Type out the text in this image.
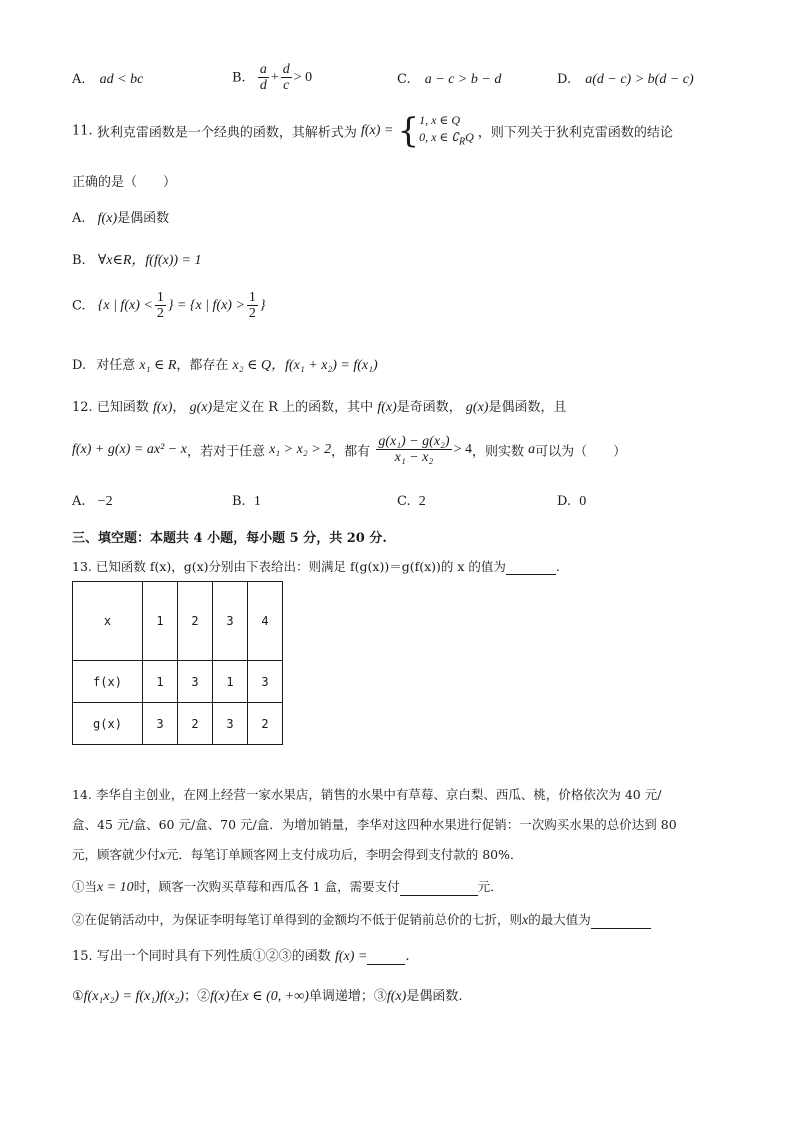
A. ad < bc	B. $\frac{a}{d} + \frac{d}{c} > 0$	C. a − c > b − d	D. a(d − c) > b(d − c)
11. 狄利克雷函数是一个经典的函数，其解析式为 f(x) = { 1, x ∈ Q
0, x ∈ $∁_RQ$ ，则下列关于狄利克雷函数的结论
正确的是（　　）
A. f(x)是偶函数
B. ∀x∈R，f(f(x)) = 1
C. {x | $f(x) < \frac{1}{2}$ } = {x | $f(x) > \frac{1}{2}$ }
D. 对任意 x₁ ∈ R，都存在 x₂ ∈ Q，f(x₁ + x₂) = f(x₁)
12. 已知函数 f(x)， g(x)是定义在 R 上的函数，其中 f(x)是奇函数， g(x)是偶函数，且
f(x) + g(x) = ax² − x，若对于任意 x₁ > x₂ > 2，都有 $\frac{\text{g(x₁) − g(x₂)}}{\text{x₁ − x₂}} > 4$，则实数 a可以为（　　）
A. −2	B. 1	C. 2	D. 0
三、填空题：本题共 4 小题，每小题 5 分，共 20 分.
13. 已知函数 f(x)，g(x)分别由下表给出：则满足 f(g(x))＝g(f(x))的 x 的值为	.
x	1	2	3	4
f(x)	1	3	1	3
g(x)	3	2	3	2
14. 李华自主创业，在网上经营一家水果店，销售的水果中有草莓、京白梨、西瓜、桃，价格依次为 40 元/
盒、45 元/盒、60 元/盒、70 元/盒．为增加销量，李华对这四种水果进行促销：一次购买水果的总价达到 80
元，顾客就少付x元．每笔订单顾客网上支付成功后，李明会得到支付款的 80%．
①当x = 10时，顾客一次购买草莓和西瓜各 1 盒，需要支付	元．
②在促销活动中，为保证李明每笔订单得到的金额均不低于促销前总价的七折，则x的最大值为
15. 写出一个同时具有下列性质①②③的函数 f(x) =	.
①f(x₁x₂) = f(x₁)f(x₂)；②f(x)在x ∈ (0, +∞)单调递增；③f(x)是偶函数.
